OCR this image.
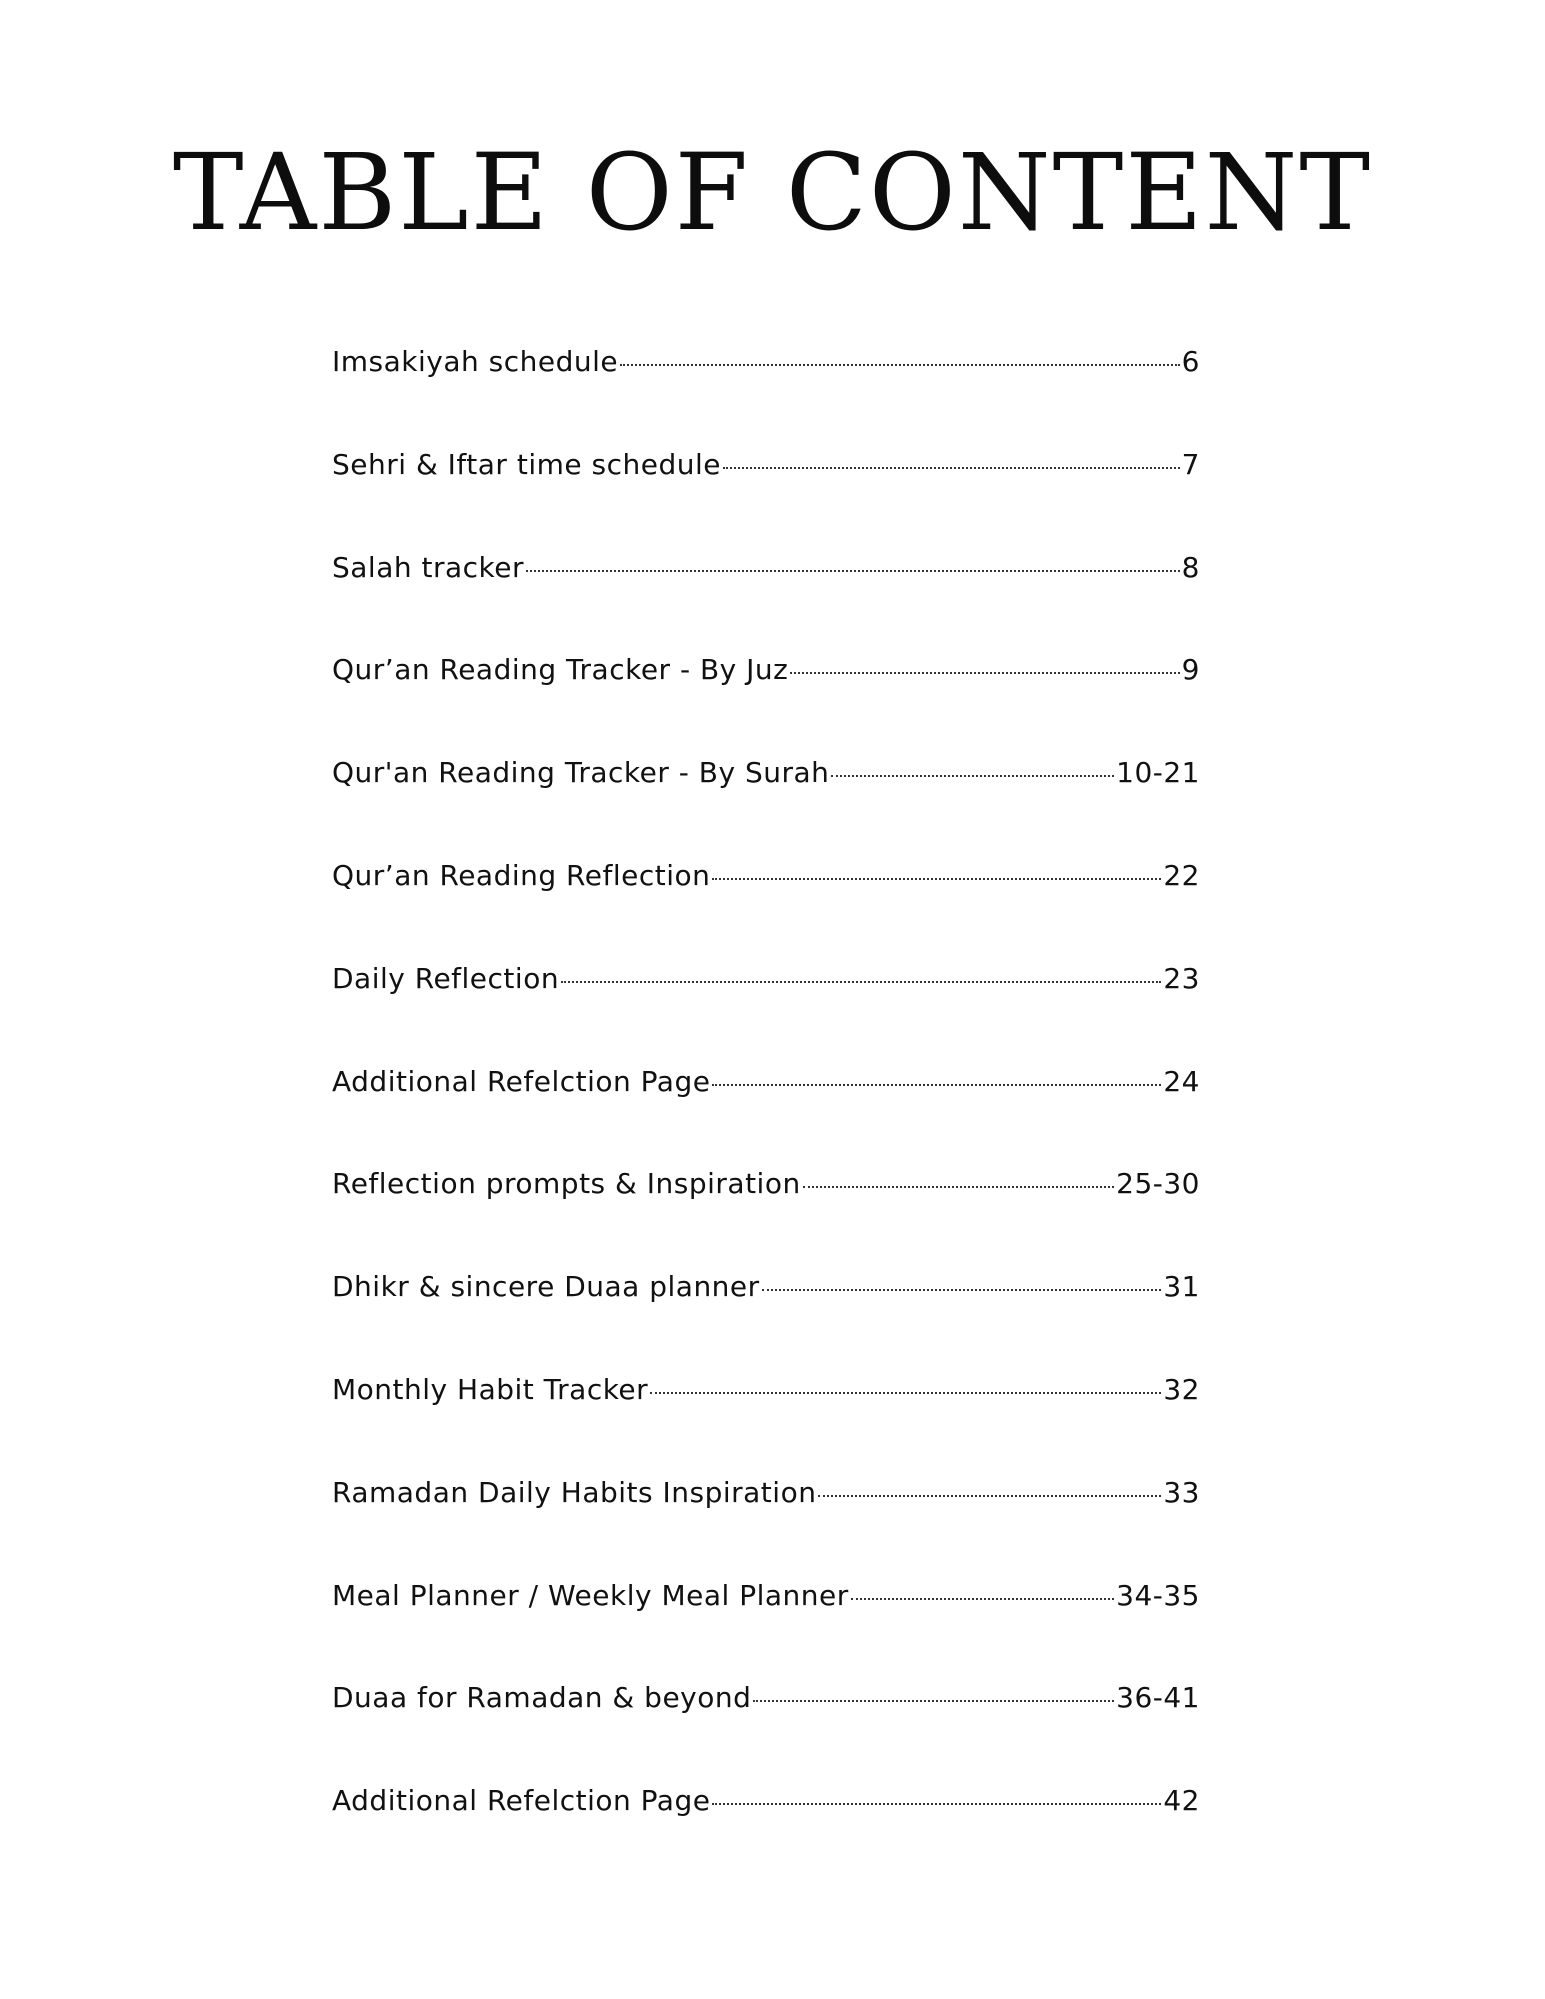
TABLE OF CONTENT
Imsakiyah schedule	6
Sehri & Iftar time schedule	7
Salah tracker	8
Qur’an Reading Tracker - By Juz	9
Qur'an Reading Tracker - By Surah	10-21
Qur’an Reading Reflection	22
Daily Reflection	23
Additional Refelction Page	24
Reflection prompts & Inspiration	25-30
Dhikr & sincere Duaa planner	31
Monthly Habit Tracker	32
Ramadan Daily Habits Inspiration	33
Meal Planner / Weekly Meal Planner	34-35
Duaa for Ramadan & beyond	36-41
Additional Refelction Page	42
